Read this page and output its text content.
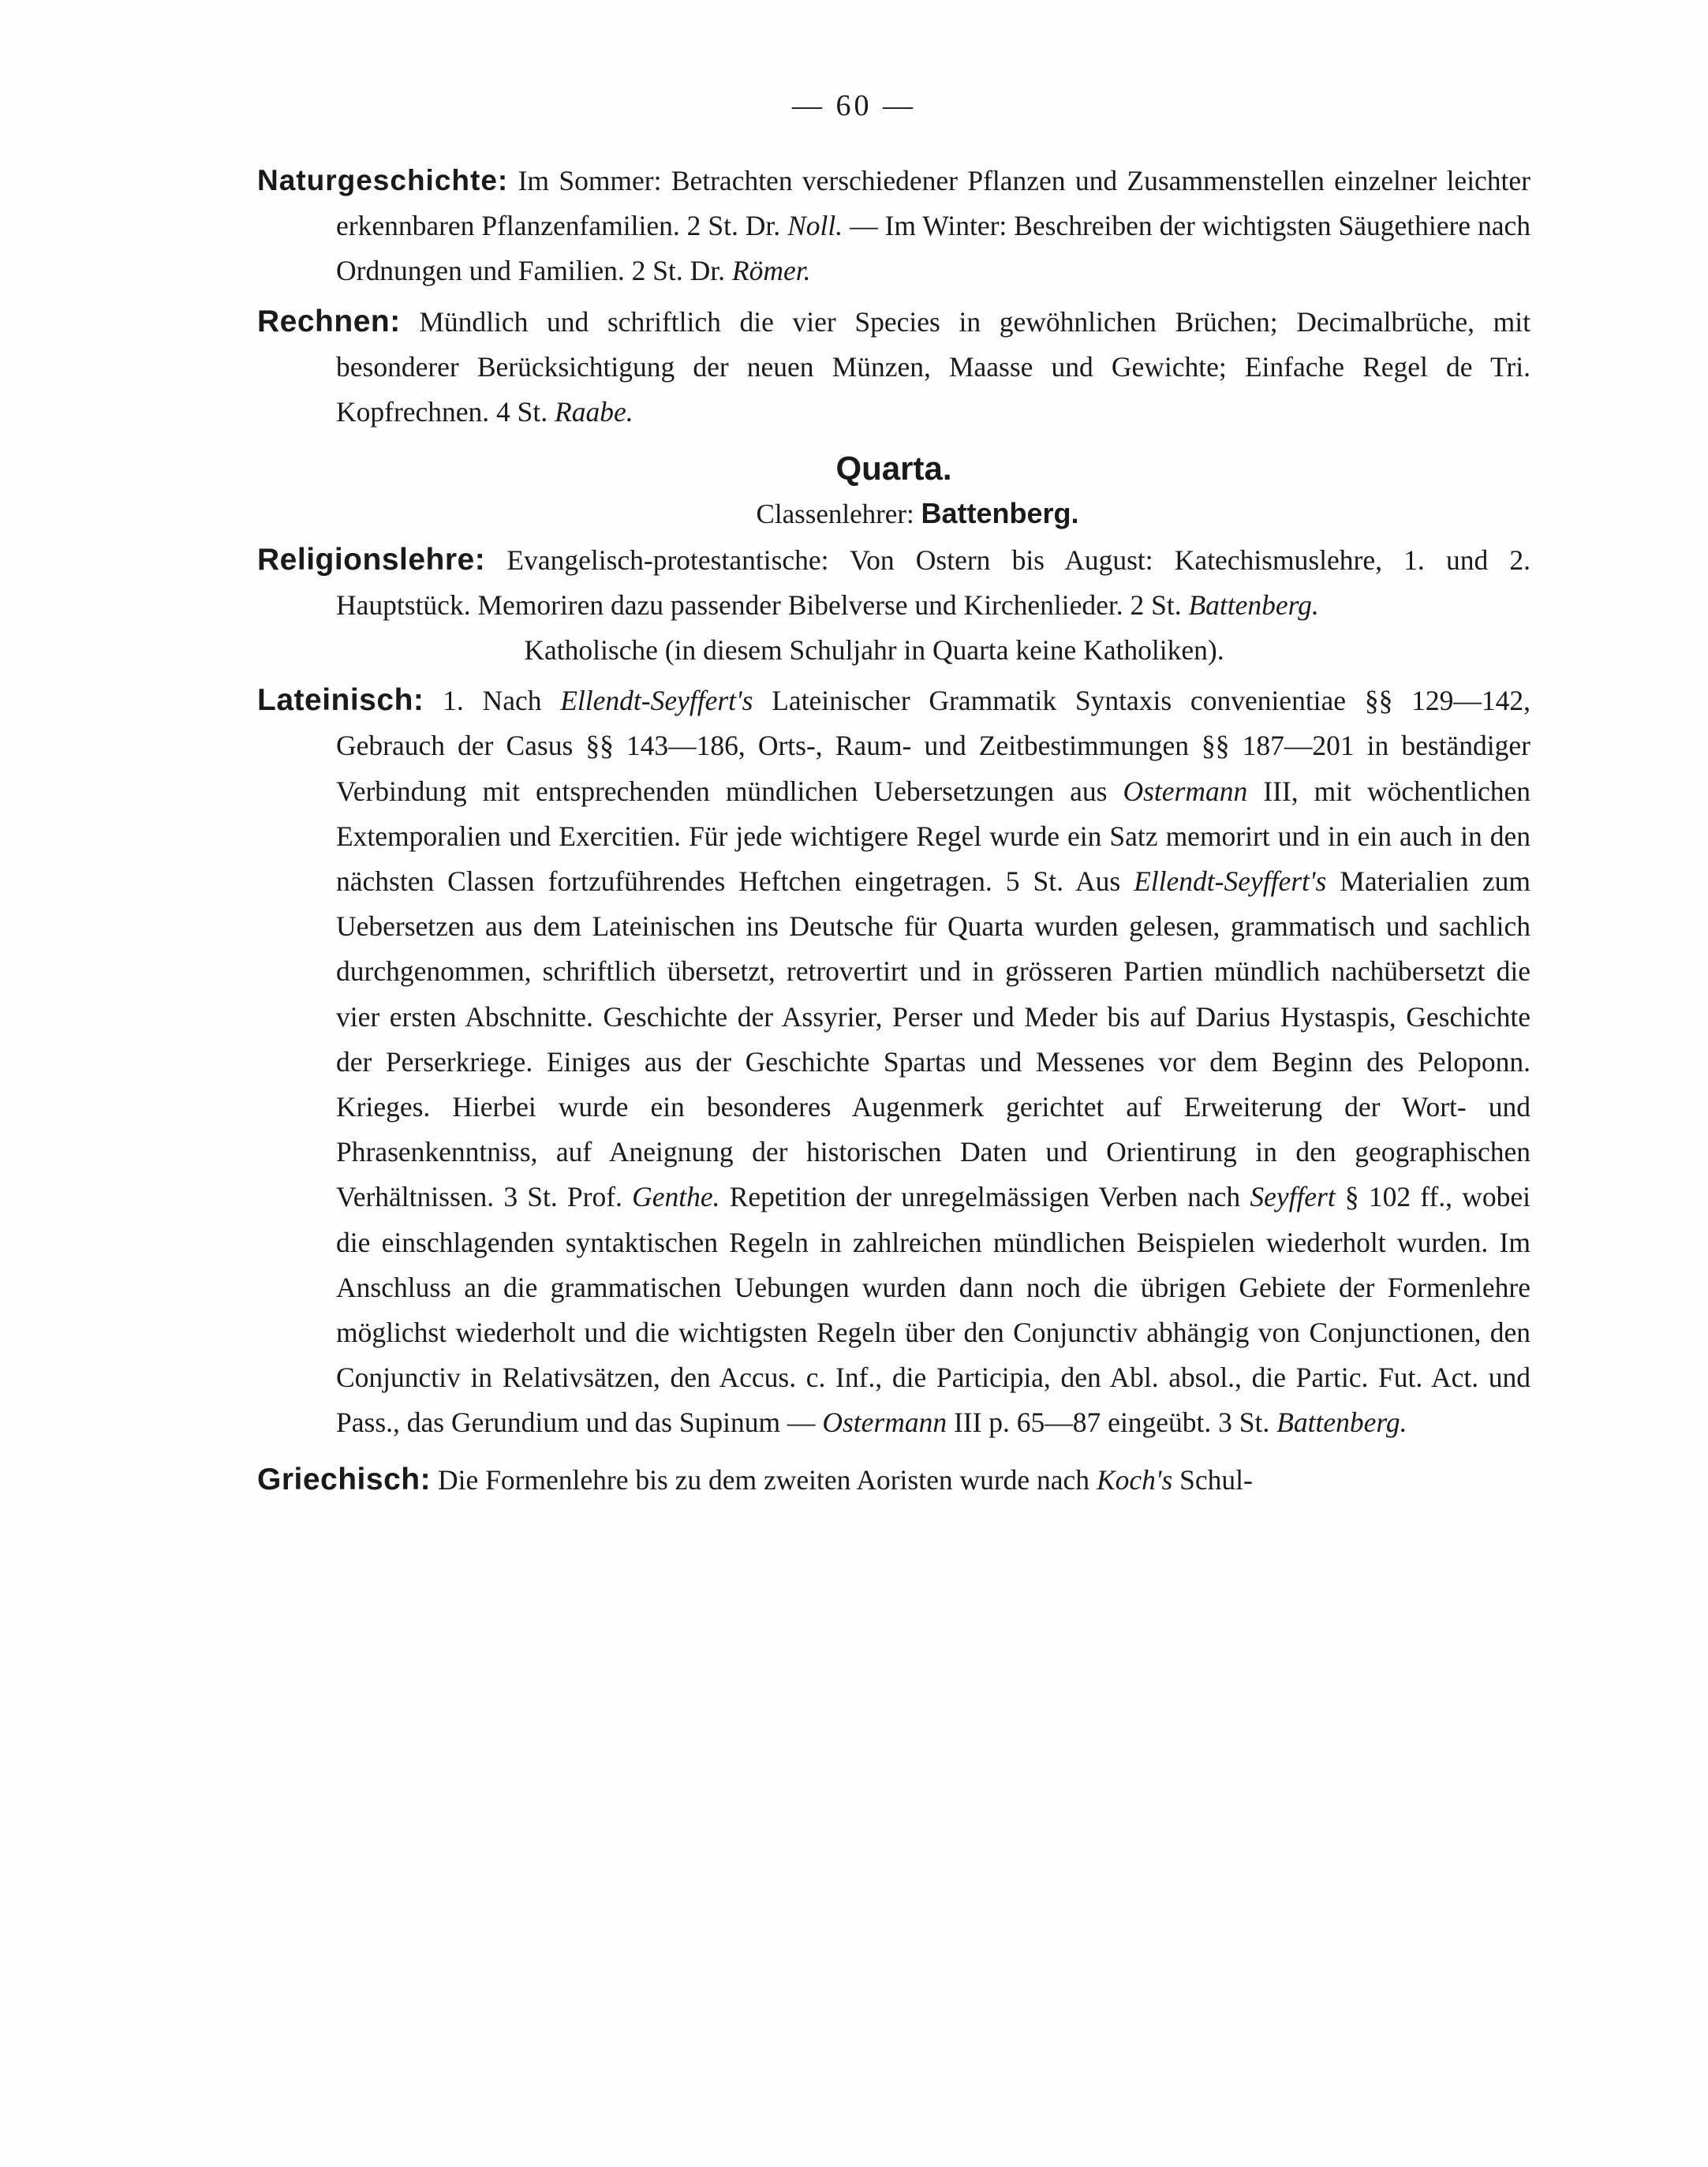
— 60 —

Naturgeschichte: Im Sommer: Betrachten verschiedener Pflanzen und Zusammenstellen einzelner leichter erkennbaren Pflanzenfamilien. 2 St. Dr. Noll. — Im Winter: Beschreiben der wichtigsten Säugethiere nach Ordnungen und Familien. 2 St. Dr. Römer.

Rechnen: Mündlich und schriftlich die vier Species in gewöhnlichen Brüchen; Decimalbrüche, mit besonderer Berücksichtigung der neuen Münzen, Maasse und Gewichte; Einfache Regel de Tri. Kopfrechnen. 4 St. Raabe.

Quarta.

Classenlehrer: Battenberg.

Religionslehre: Evangelisch-protestantische: Von Ostern bis August: Katechismuslehre, 1. und 2. Hauptstück. Memoriren dazu passender Bibelverse und Kirchenlieder. 2 St. Battenberg.

Katholische (in diesem Schuljahr in Quarta keine Katholiken).

Lateinisch: 1. Nach Ellendt-Seyffert's Lateinischer Grammatik Syntaxis convenientiae §§ 129—142, Gebrauch der Casus §§ 143—186, Orts-, Raum- und Zeitbestimmungen §§ 187—201 in beständiger Verbindung mit entsprechenden mündlichen Uebersetzungen aus Ostermann III, mit wöchentlichen Extemporalien und Exercitien. Für jede wichtigere Regel wurde ein Satz memorirt und in ein auch in den nächsten Classen fortzuführendes Heftchen eingetragen. 5 St. Aus Ellendt-Seyffert's Materialien zum Uebersetzen aus dem Lateinischen ins Deutsche für Quarta wurden gelesen, grammatisch und sachlich durchgenommen, schriftlich übersetzt, retrovertirt und in grösseren Partien mündlich nachübersetzt die vier ersten Abschnitte. Geschichte der Assyrier, Perser und Meder bis auf Darius Hystaspis, Geschichte der Perserkriege. Einiges aus der Geschichte Spartas und Messenes vor dem Beginn des Peloponn. Krieges. Hierbei wurde ein besonderes Augenmerk gerichtet auf Erweiterung der Wort- und Phrasenkenntniss, auf Aneignung der historischen Daten und Orientirung in den geographischen Verhältnissen. 3 St. Prof. Genthe. Repetition der unregelmässigen Verben nach Seyffert § 102 ff., wobei die einschlagenden syntaktischen Regeln in zahlreichen mündlichen Beispielen wiederholt wurden. Im Anschluss an die grammatischen Uebungen wurden dann noch die übrigen Gebiete der Formenlehre möglichst wiederholt und die wichtigsten Regeln über den Conjunctiv abhängig von Conjunctionen, den Conjunctiv in Relativsätzen, den Accus. c. Inf., die Participia, den Abl. absol., die Partic. Fut. Act. und Pass., das Gerundium und das Supinum — Ostermann III p. 65—87 eingeübt. 3 St. Battenberg.

Griechisch: Die Formenlehre bis zu dem zweiten Aoristen wurde nach Koch's Schul-
